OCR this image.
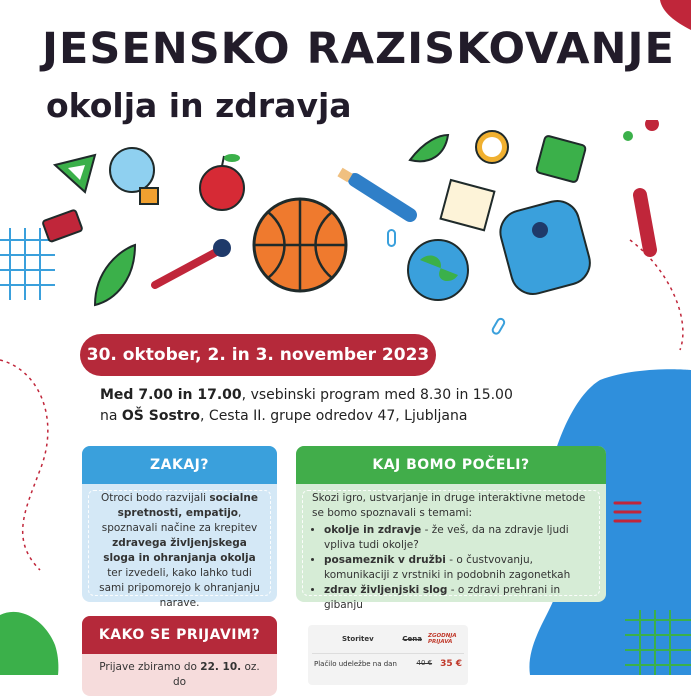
JESENSKO RAZISKOVANJE
okolja in zdravja
30. oktober, 2. in 3. november 2023
Med 7.00 in 17.00, vsebinski program med 8.30 in 15.00
na OŠ Sostro, Cesta II. grupe odredov 47, Ljubljana
ZAKAJ?
Otroci bodo razvijali socialne spretnosti, empatijo, spoznavali načine za krepitev zdravega življenjskega sloga in ohranjanja okolja ter izvedeli, kako lahko tudi sami pripomorejo k ohranjanju narave.
KAJ BOMO POČELI?
Skozi igro, ustvarjanje in druge interaktivne metode se bomo spoznavali s temami:
• okolje in zdravje - že veš, da na zdravje ljudi vpliva tudi okolje?
• posameznik v družbi - o čustvovanju, komunikaciji z vrstniki in podobnih zagonetkah
• zdrav življenjski slog - o zdravi prehrani in gibanju
KAKO SE PRIJAVIM?
Prijave zbiramo do 22. 10. oz. do
Storitev	Cena ZGODNJA PRIJAVA
Plačilo udeležbe na dan	40 € 35 €
